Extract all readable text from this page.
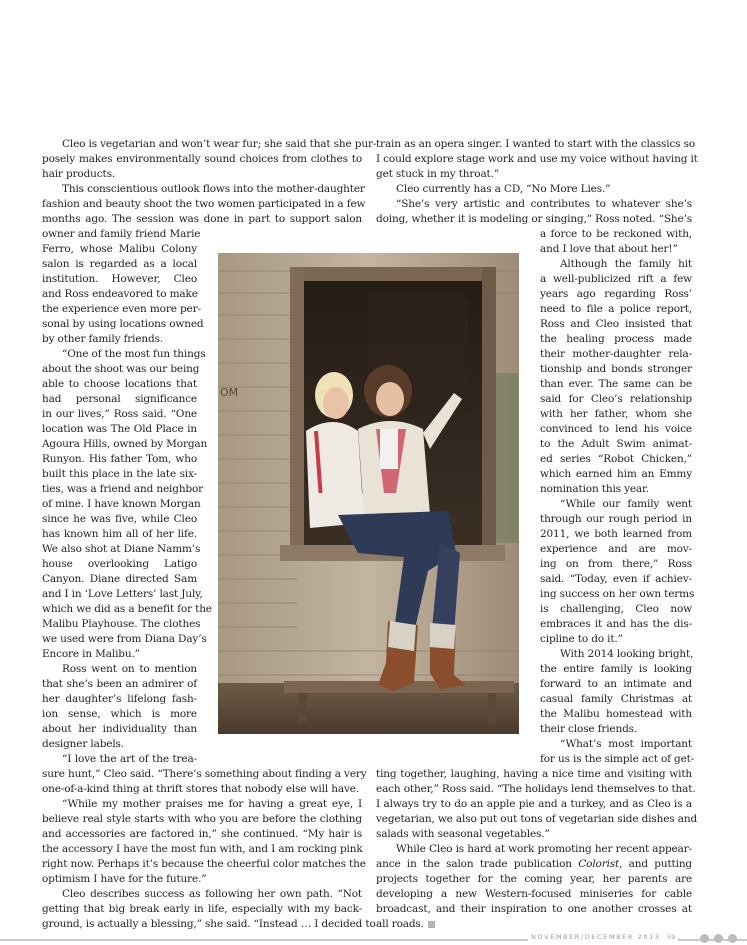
Cleo is vegetarian and won’t wear fur; she said that she pur-
posely makes environmentally sound choices from clothes to
hair products.
This conscientious outlook flows into the mother-daughter
fashion and beauty shoot the two women participated in a few
months ago. The session was done in part to support salon
owner and family friend Marie
Ferro, whose Malibu Colony
salon is regarded as a local
institution. However, Cleo
and Ross endeavored to make
the experience even more per-
sonal by using locations owned
by other family friends.
“One of the most fun things
about the shoot was our being
able to choose locations that
had personal significance
in our lives,” Ross said. “One
location was The Old Place in
Agoura Hills, owned by Morgan
Runyon. His father Tom, who
built this place in the late six-
ties, was a friend and neighbor
of mine. I have known Morgan
since he was five, while Cleo
has known him all of her life.
We also shot at Diane Namm’s
house overlooking Latigo
Canyon. Diane directed Sam
and I in ‘Love Letters’ last July,
which we did as a benefit for the
Malibu Playhouse. The clothes
we used were from Diana Day’s
Encore in Malibu.”
Ross went on to mention
that she’s been an admirer of
her daughter’s lifelong fash-
ion sense, which is more
about her individuality than
designer labels.
“I love the art of the trea-
sure hunt,” Cleo said. “There’s something about finding a very
one-of-a-kind thing at thrift stores that nobody else will have.
“While my mother praises me for having a great eye, I
believe real style starts with who you are before the clothing
and accessories are factored in,” she continued. “My hair is
the accessory I have the most fun with, and I am rocking pink
right now. Perhaps it’s because the cheerful color matches the
optimism I have for the future.”
Cleo describes success as following her own path. “Not
getting that big break early in life, especially with my back-
ground, is actually a blessing,” she said. “Instead … I decided to
train as an opera singer. I wanted to start with the classics so
I could explore stage work and use my voice without having it
get stuck in my throat.”
Cleo currently has a CD, “No More Lies.”
“She’s very artistic and contributes to whatever she’s
doing, whether it is modeling or singing,” Ross noted. “She’s
a force to be reckoned with,
and I love that about her!”
Although the family hit
a well-publicized rift a few
years ago regarding Ross’
need to file a police report,
Ross and Cleo insisted that
the healing process made
their mother-daughter rela-
tionship and bonds stronger
than ever. The same can be
said for Cleo’s relationship
with her father, whom she
convinced to lend his voice
to the Adult Swim animat-
ed series “Robot Chicken,”
which earned him an Emmy
nomination this year.
“While our family went
through our rough period in
2011, we both learned from
experience and are mov-
ing on from there,” Ross
said. “Today, even if achiev-
ing success on her own terms
is challenging, Cleo now
embraces it and has the dis-
cipline to do it.”
With 2014 looking bright,
the entire family is looking
forward to an intimate and
casual family Christmas at
the Malibu homestead with
their close friends.
“What’s most important
for us is the simple act of get-
ting together, laughing, having a nice time and visiting with
each other,” Ross said. “The holidays lend themselves to that.
I always try to do an apple pie and a turkey, and as Cleo is a
vegetarian, we also put out tons of vegetarian side dishes and
salads with seasonal vegetables.”
While Cleo is hard at work promoting her recent appear-
ance in the salon trade publication Colorist, and putting
projects together for the coming year, her parents are
developing a new Western-focused miniseries for cable
broadcast, and their inspiration to one another crosses at
all roads.
OM
NOVEMBER/DECEMBER 2013 59
